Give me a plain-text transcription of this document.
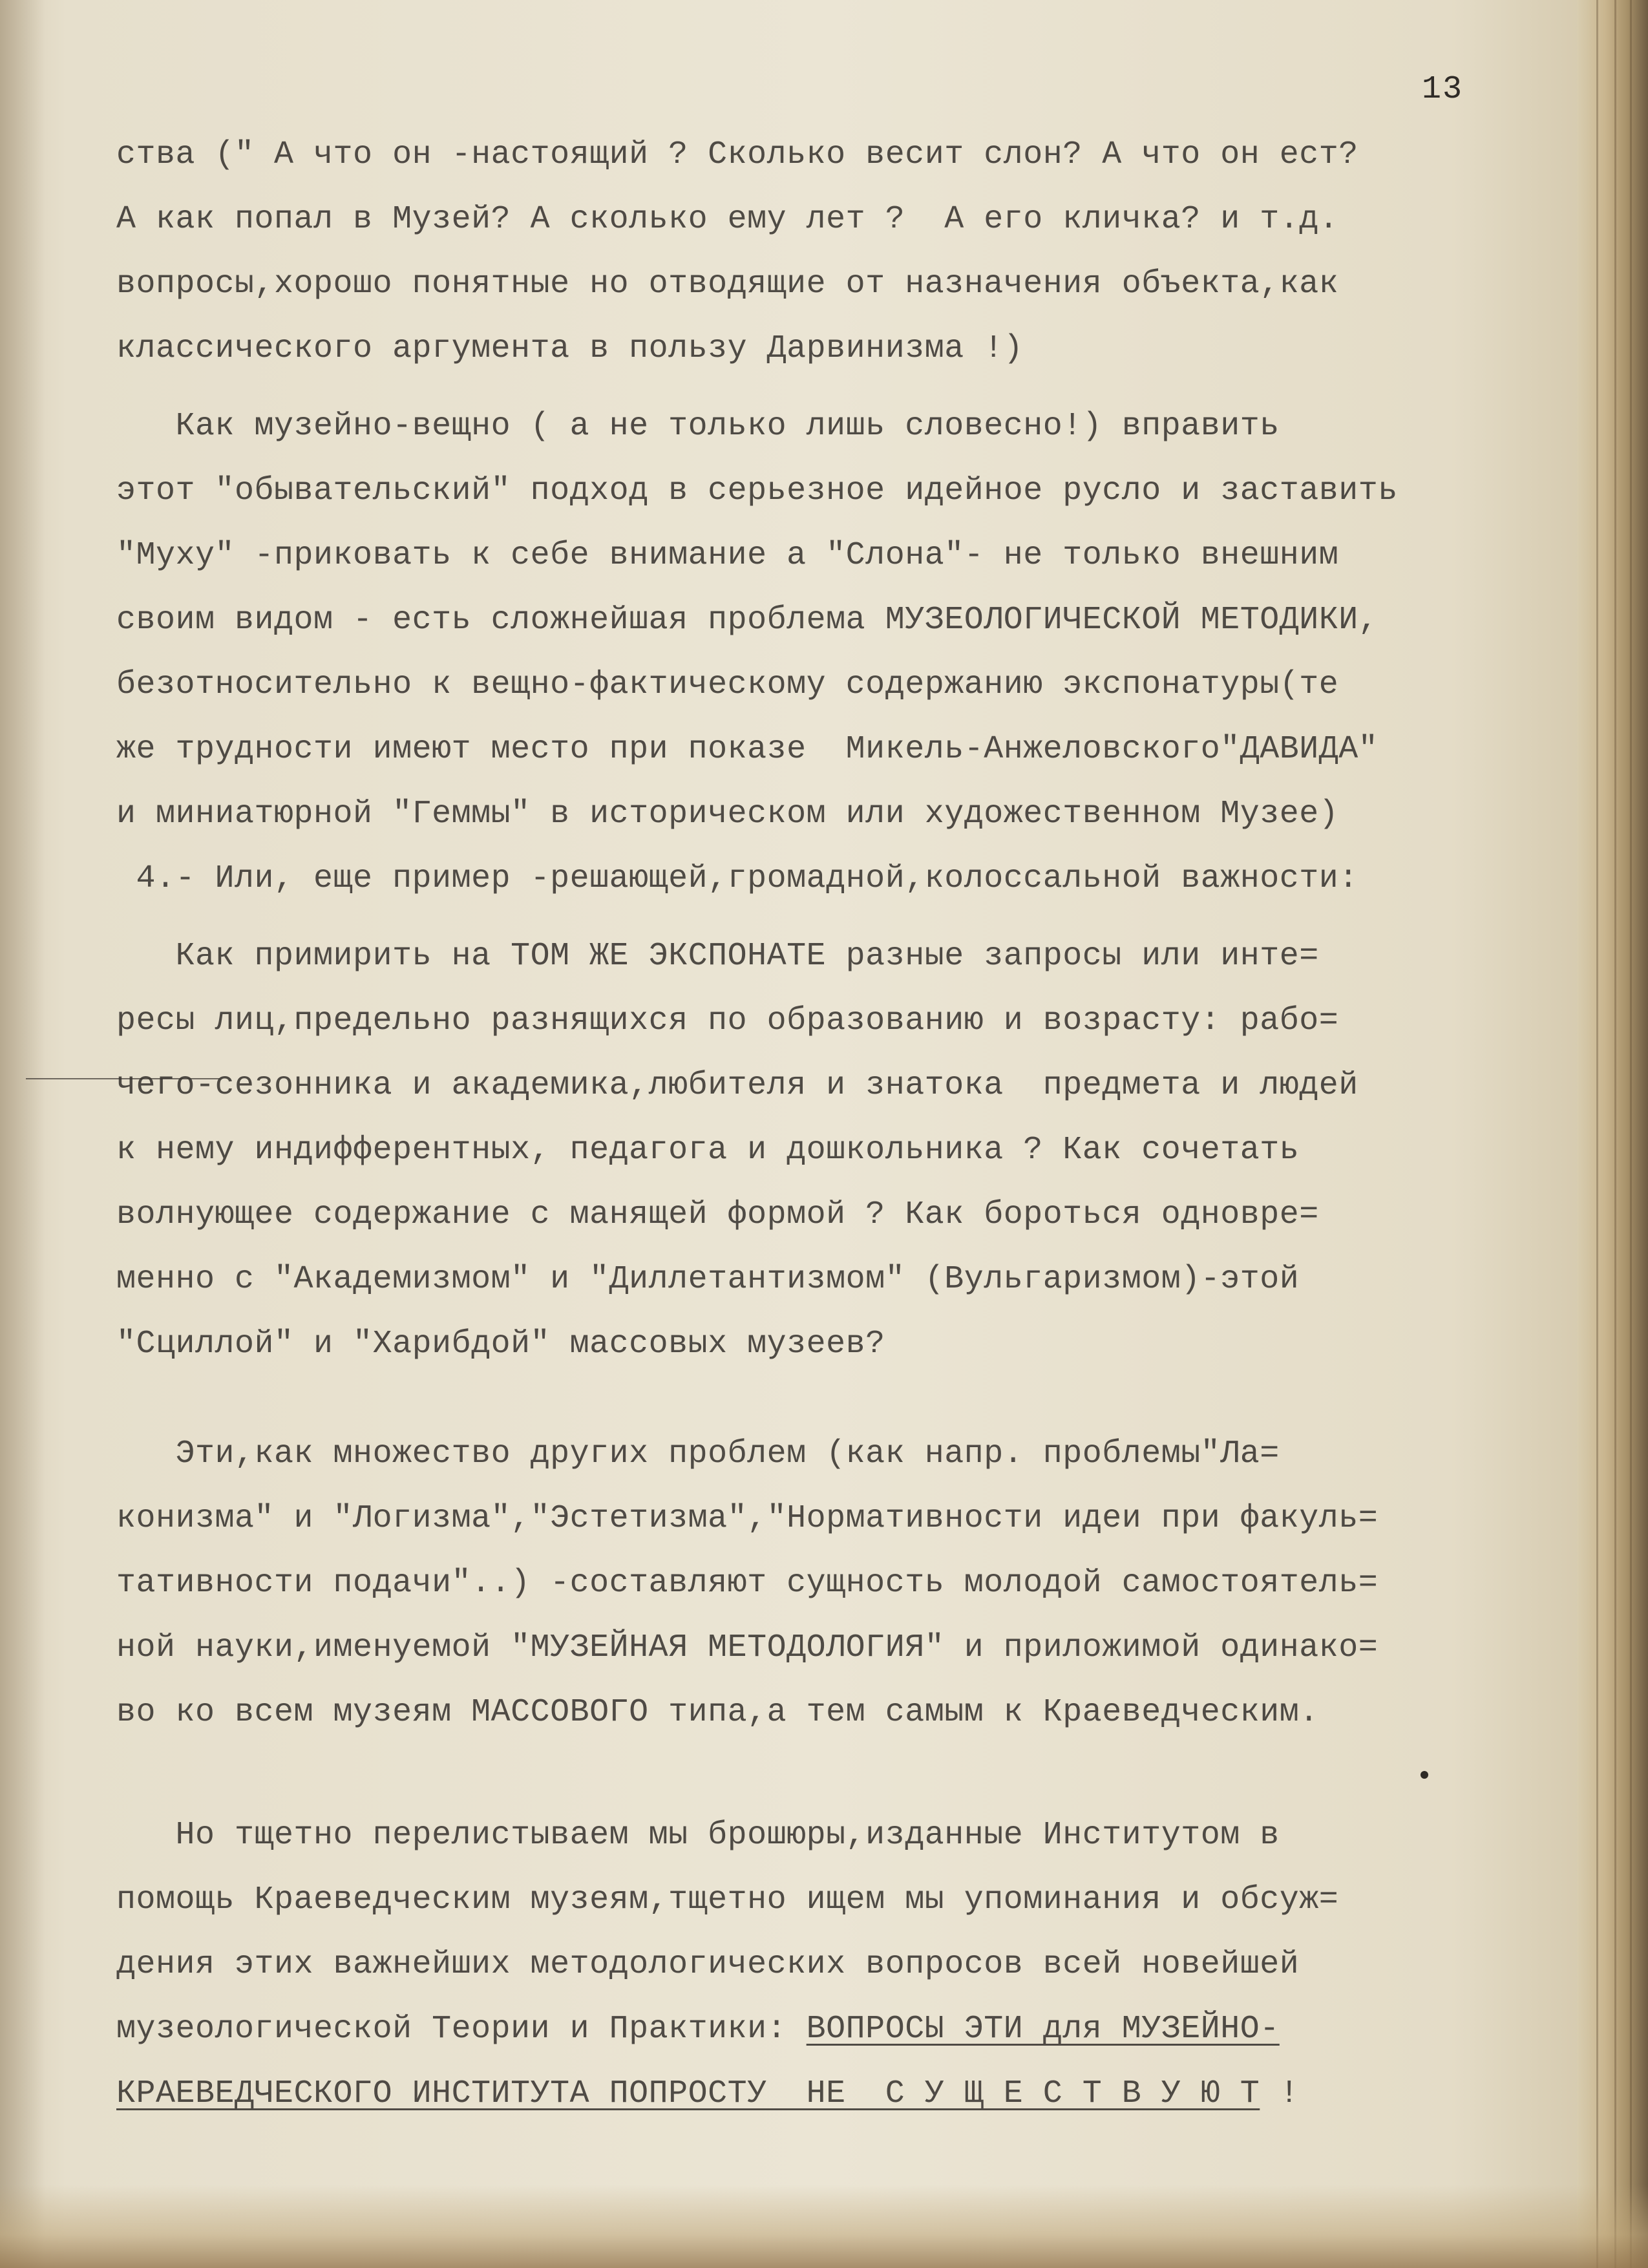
13
ства (" А что он -настоящий ? Сколько весит слон? А что он ест?
А как попал в Музей? А сколько ему лет ?  А его кличка? и т.д.
вопросы,хорошо понятные но отводящие от назначения объекта,как
классического аргумента в пользу Дарвинизма !)
Как музейно-вещно ( а не только лишь словесно!) вправить
этот "обывательский" подход в серьезное идейное русло и заставить
"Муху" -приковать к себе внимание а "Слона"- не только внешним
своим видом - есть сложнейшая проблема МУЗЕОЛОГИЧЕСКОЙ МЕТОДИКИ,
безотносительно к вещно-фактическому содержанию экспонатуры(те
же трудности имеют место при показе  Микель-Анжеловского"ДАВИДА"
и миниатюрной "Геммы" в историческом или художественном Музее)
4.- Или, еще пример -решающей,громадной,колоссальной важности:
Как примирить на ТОМ ЖЕ ЭКСПОНАТЕ разные запросы или инте=
ресы лиц,предельно разнящихся по образованию и возрасту: рабо=
чего-сезонника и академика,любителя и знатока  предмета и людей
к нему индифферентных, педагога и дошкольника ? Как сочетать
волнующее содержание с манящей формой ? Как бороться одновре=
менно с "Академизмом" и "Диллетантизмом" (Вульгаризмом)-этой
"Сциллой" и "Харибдой" массовых музеев?
Эти,как множество других проблем (как напр. проблемы"Ла=
конизма" и "Логизма","Эстетизма","Нормативности идеи при факуль=
тативности подачи"..) -составляют сущность молодой самостоятель=
ной науки,именуемой "МУЗЕЙНАЯ МЕТОДОЛОГИЯ" и приложимой одинако=
во ко всем музеям МАССОВОГО типа,а тем самым к Краеведческим.
Но тщетно перелистываем мы брошюры,изданные Институтом в
помощь Краеведческим музеям,тщетно ищем мы упоминания и обсуж=
дения этих важнейших методологических вопросов всей новейшей
музеологической Теории и Практики: ВОПРОСЫ ЭТИ для МУЗЕЙНО-
КРАЕВЕДЧЕСКОГО ИНСТИТУТА ПОПРОСТУ  НЕ  С У Щ Е С Т В У Ю Т !
